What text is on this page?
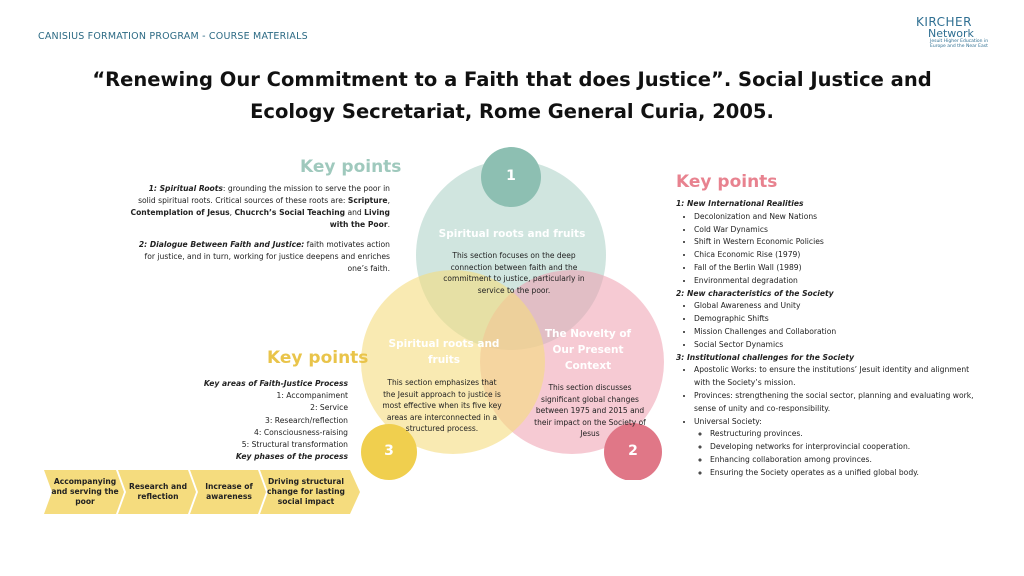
CANISIUS FORMATION PROGRAM - COURSE MATERIALS
KIRCHER
Network
Jesuit Higher Education in Europe and the Near East
“Renewing Our Commitment to a Faith that does Justice”. Social Justice and Ecology Secretariat, Rome General Curia, 2005.
1
2
3
Spiritual roots and fruits
This section focuses on the deep connection between faith and the commitment to justice, particularly in service to the poor.
The Novelty of Our Present Context
This section discusses significant global changes between 1975 and 2015 and their impact on the Society of Jesus
Spiritual roots and fruits
This section emphasizes that the Jesuit approach to justice is most effective when its five key areas are interconnected in a structured process.
Key points
Key points
Key points

1: Spiritual Roots: grounding the mission to serve the poor in solid spiritual roots. Critical sources of these roots are: Scripture, Contemplation of Jesus, Chucrch’s Social Teaching and Living with the Poor.

2: Dialogue Between Faith and Justice: faith motivates action for justice, and in turn, working for justice deepens and enriches one’s faith.

Key areas of Faith-Justice Process
1: Accompaniment
2: Service
3: Research/reflection
4: Consciousness-raising
5: Structural transformation
Key phases of the process
Accompanying and serving the poor
Research and reflection
Increase of awareness
Driving structural change for lasting social impact
1: New International Realities
• Decolonization and New Nations
• Cold War Dynamics
• Shift in Western Economic Policies
• Chica Economic Rise (1979)
• Fall of the Berlin Wall (1989)
• Environmental degradation
2: New characteristics of the Society
• Global Awareness and Unity
• Demographic Shifts
• Mission Challenges and Collaboration
• Social Sector Dynamics
3: Institutional challenges for the Society
• Apostolic Works: to ensure the institutions’ Jesuit identity and alignment with the Society’s mission.
• Provinces: strengthening the social sector, planning and evaluating work, sense of unity and co-responsibility.
• Universal Society:
◦ Restructuring provinces.
◦ Developing networks for interprovincial cooperation.
◦ Enhancing collaboration among provinces.
◦ Ensuring the Society operates as a unified global body.
